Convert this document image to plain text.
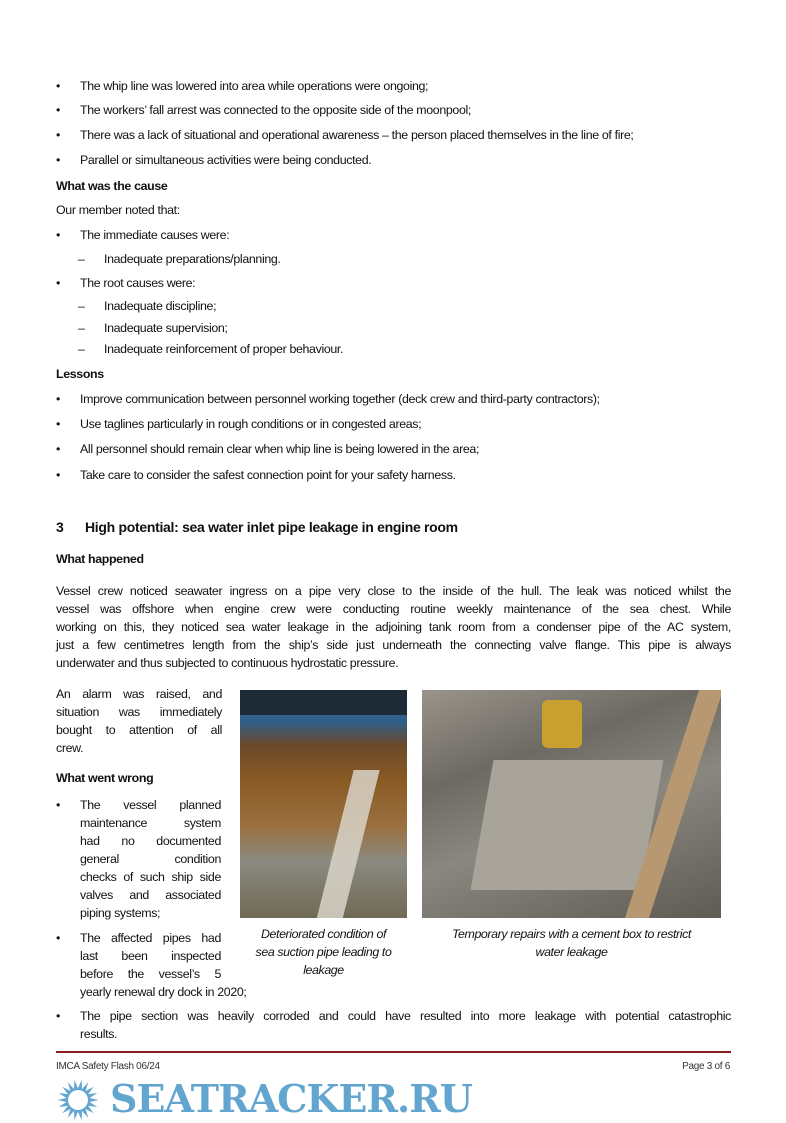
• The whip line was lowered into area while operations were ongoing;
• The workers’ fall arrest was connected to the opposite side of the moonpool;
• There was a lack of situational and operational awareness – the person placed themselves in the line of fire;
• Parallel or simultaneous activities were being conducted.
What was the cause
Our member noted that:
• The immediate causes were:
– Inadequate preparations/planning.
• The root causes were:
– Inadequate discipline;
– Inadequate supervision;
– Inadequate reinforcement of proper behaviour.
Lessons
• Improve communication between personnel working together (deck crew and third-party contractors);
• Use taglines particularly in rough conditions or in congested areas;
• All personnel should remain clear when whip line is being lowered in the area;
• Take care to consider the safest connection point for your safety harness.
3 High potential: sea water inlet pipe leakage in engine room
What happened
Vessel crew noticed seawater ingress on a pipe very close to the inside of the hull. The leak was noticed whilst the
vessel was offshore when engine crew were conducting routine weekly maintenance of the sea chest. While
working on this, they noticed sea water leakage in the adjoining tank room from a condenser pipe of the AC system,
just a few centimetres length from the ship’s side just underneath the connecting valve flange. This pipe is always
underwater and thus subjected to continuous hydrostatic pressure.
An alarm was raised, and
situation was immediately
bought to attention of all
crew.
What went wrong
• The vessel planned
maintenance system
had no documented
general condition
checks of such ship side
valves and associated
piping systems;
• The affected pipes had
last been inspected
before the vessel’s 5
yearly renewal dry dock in 2020;
• The pipe section was heavily corroded and could have resulted into more leakage with potential catastrophic
results.
Deteriorated condition of
sea suction pipe leading to
leakage
Temporary repairs with a cement box to restrict
water leakage
IMCA Safety Flash 06/24	Page 3 of 6
SEATRACKER.RU
